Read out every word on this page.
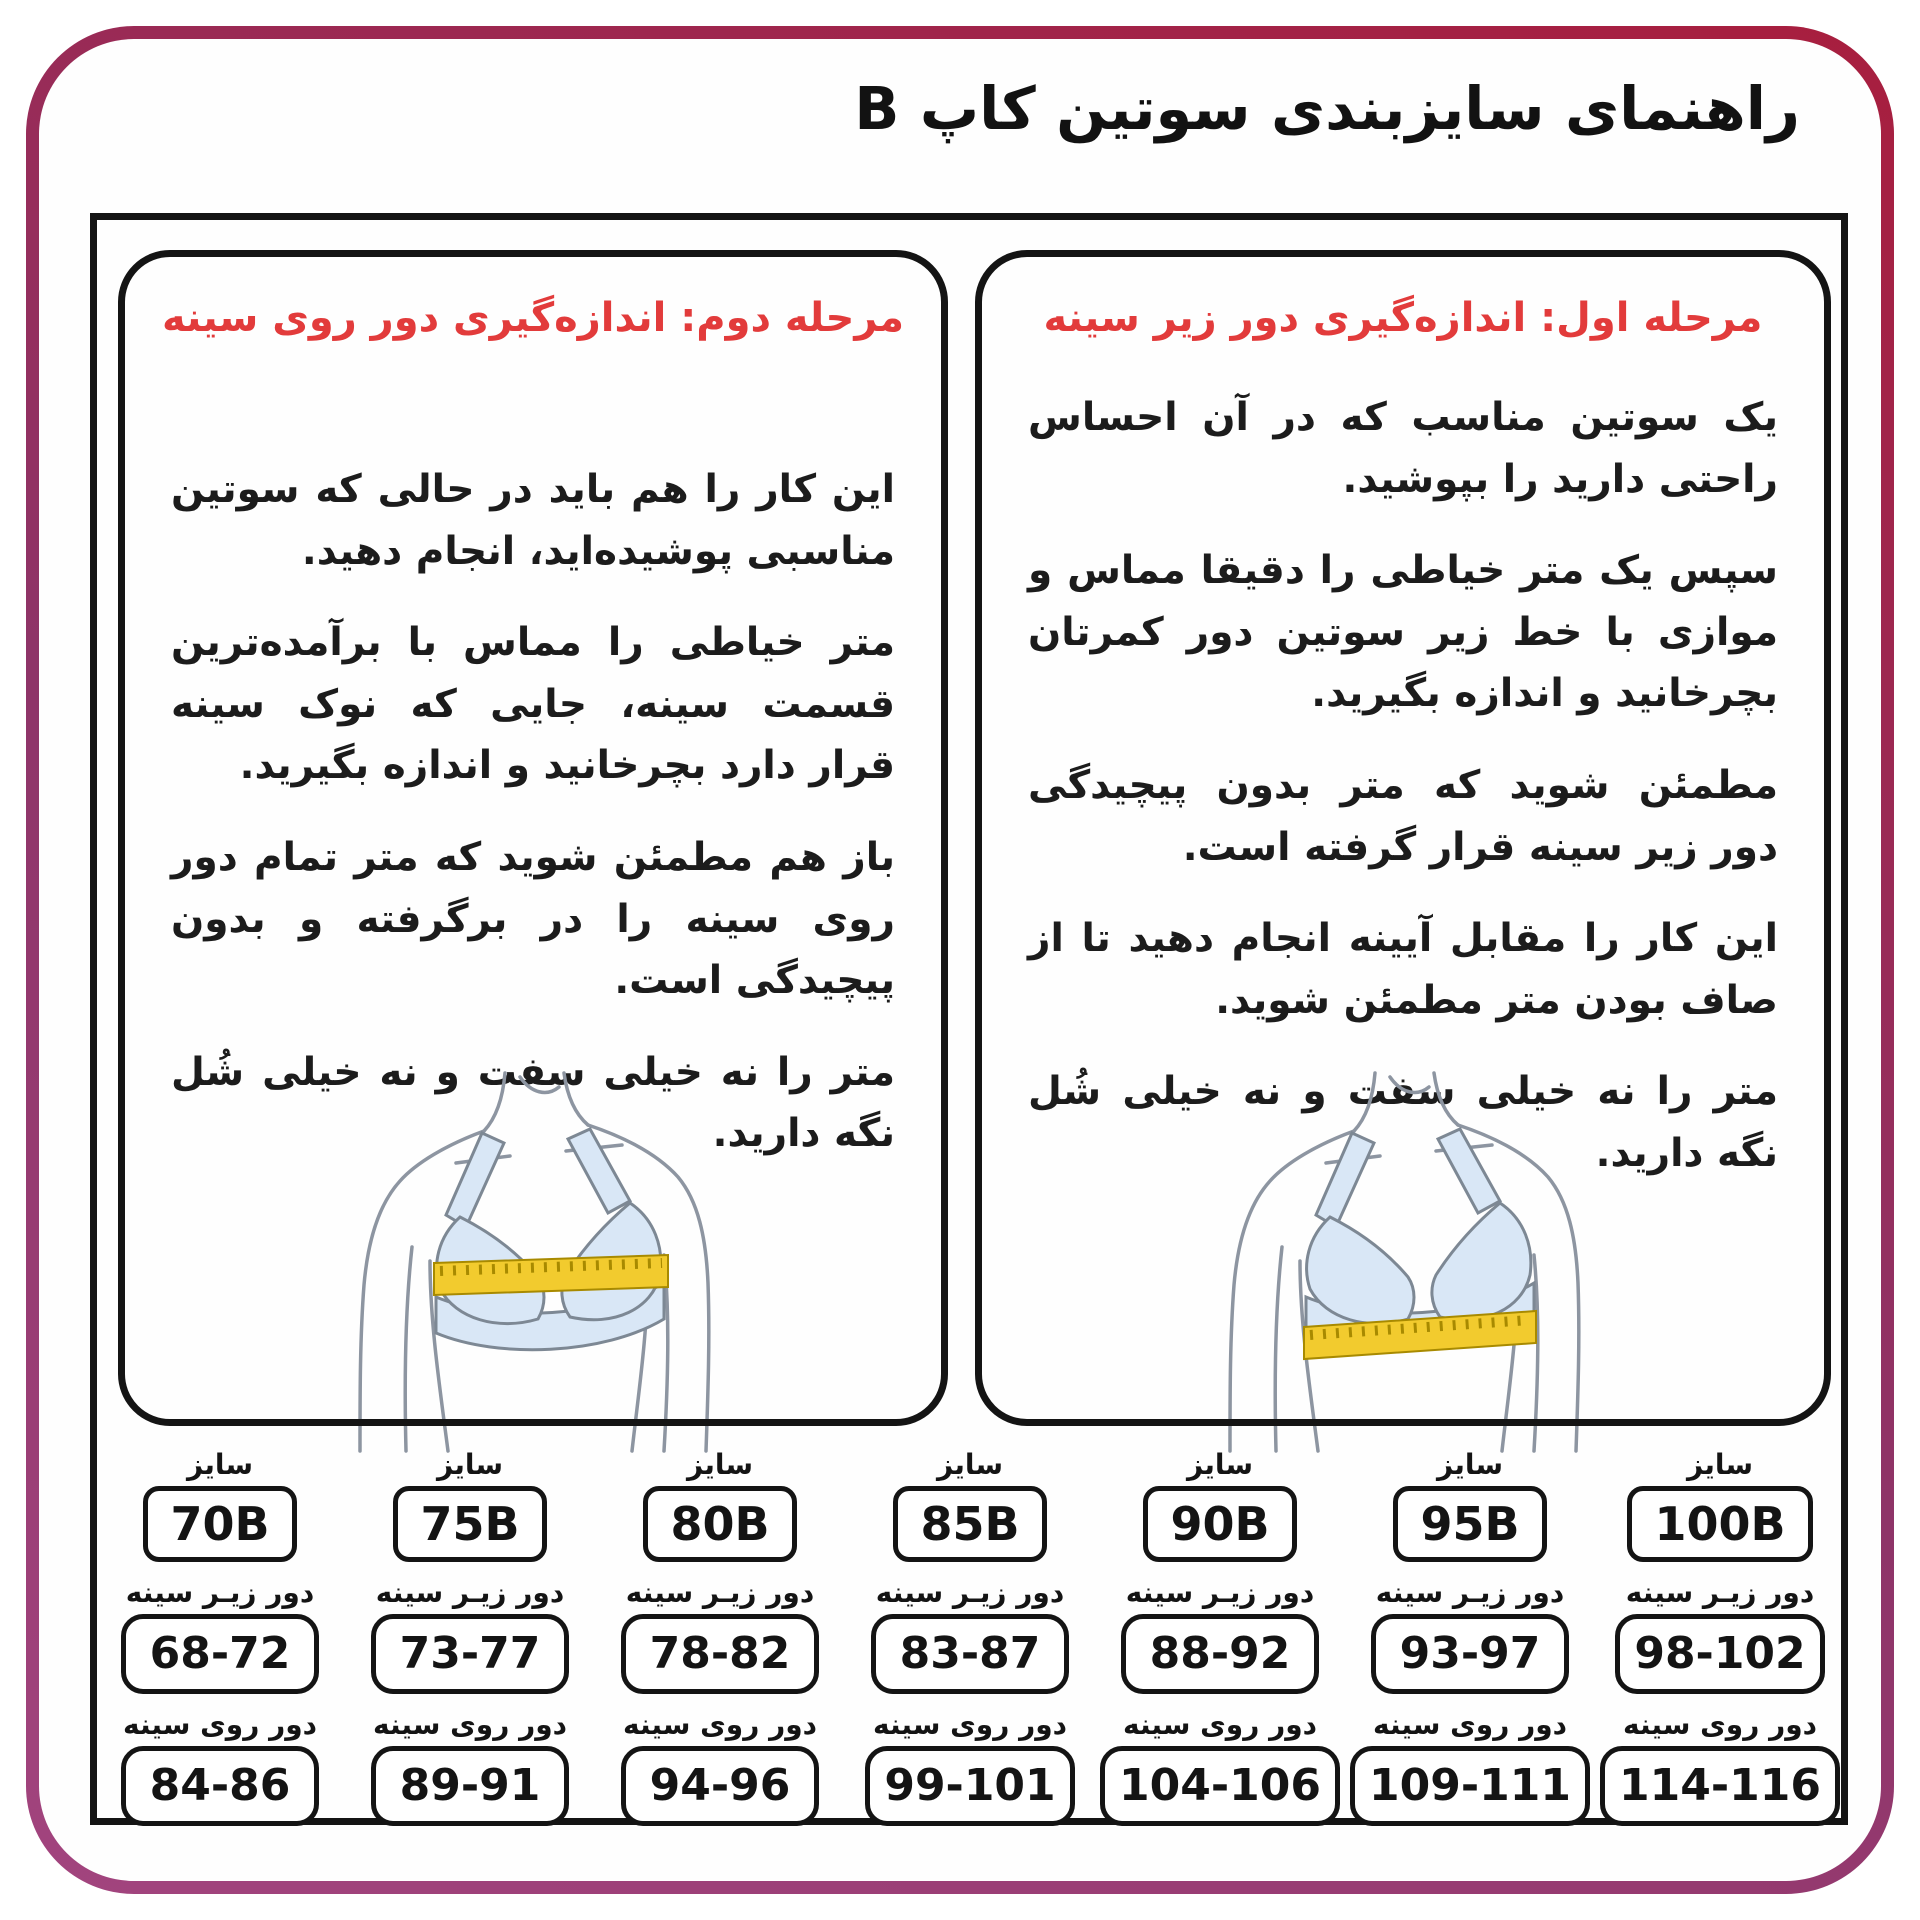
راهنمای سایزبندی سوتین کاپ B
مرحله اول: اندازه‌گیری دور زیر سینه

یک سوتین مناسب که در آن احساس راحتی دارید را بپوشید.

سپس یک متر خیاطی را دقیقا مماس و موازی با خط زیر سوتین دور کمرتان بچرخانید و اندازه بگیرید.

مطمئن شوید که متر بدون پیچیدگی دور زیر سینه قرار گرفته است.

این کار را مقابل آیینه انجام دهید تا از صاف بودن متر مطمئن شوید.

متر را نه خیلی سفت و نه خیلی شُل نگه دارید.

مرحله دوم: اندازه‌گیری دور روی سینه

این کار را هم باید در حالی که سوتین مناسبی پوشیده‌اید، انجام دهید.

متر خیاطی را مماس با برآمده‌ترین قسمت سینه، جایی که نوک سینه قرار دارد بچرخانید و اندازه بگیرید.

باز هم مطمئن شوید که متر تمام دور روی سینه را در برگرفته و بدون پیچیدگی است.

متر را نه خیلی سفت و نه خیلی شُل نگه دارید.

سایز
70B
دور زیـر سینه
68-72
دور روی سینه
84-86
سایز
75B
دور زیـر سینه
73-77
دور روی سینه
89-91
سایز
80B
دور زیـر سینه
78-82
دور روی سینه
94-96
سایز
85B
دور زیـر سینه
83-87
دور روی سینه
99-101
سایز
90B
دور زیـر سینه
88-92
دور روی سینه
104-106
سایز
95B
دور زیـر سینه
93-97
دور روی سینه
109-111
سایز
100B
دور زیـر سینه
98-102
دور روی سینه
114-116
